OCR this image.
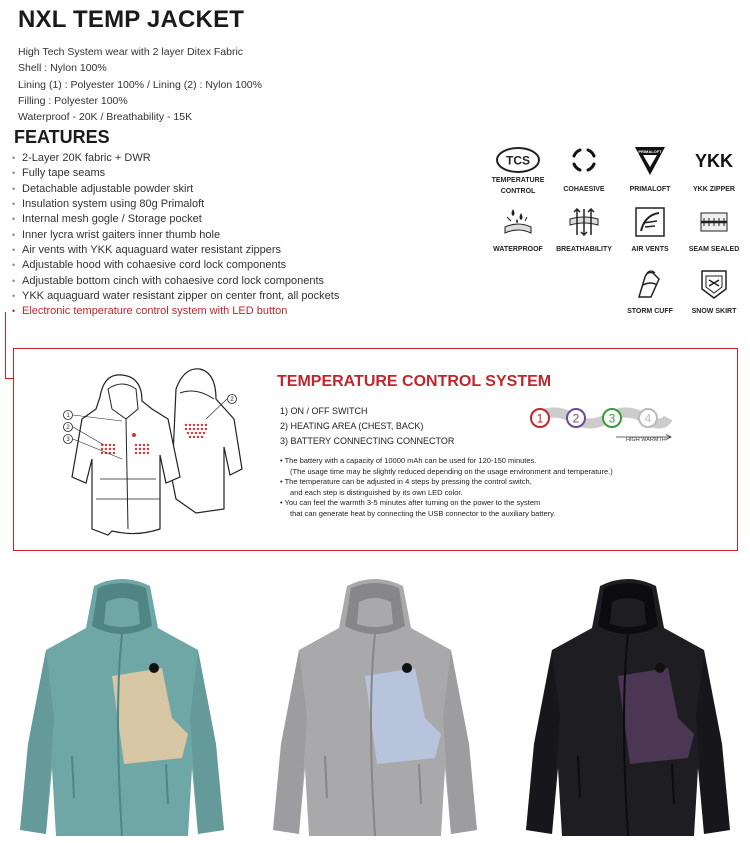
NXL TEMP JACKET
High Tech System wear with 2 layer Ditex Fabric
Shell : Nylon 100%
Lining (1) : Polyester 100% / Lining (2) : Nylon 100%
Filling : Polyester 100%
Waterproof - 20K / Breathability - 15K
FEATURES
• 2-Layer 20K fabric + DWR
• Fully tape seams
• Detachable adjustable powder skirt
• Insulation system using 80g Primaloft
• Internal mesh gogle / Storage pocket
• Inner lycra wrist gaiters inner thumb hole
• Air vents with YKK aquaguard water resistant zippers
• Adjustable hood with cohaesive cord lock components
• Adjustable bottom cinch with cohaesive cord lock components
• YKK aquaguard water resistant zipper on center front, all pockets
• Electronic temperature control system with LED button
TCS
TEMPERATURE
CONTROL	COHAESIVE
PRIMALOFT
PRIMALOFT
YKK
YKK ZIPPER
WATERPROOF	BREATHABILITY	AIR VENTS	SEAM SEALED
STORM CUFF	SNOW SKIRT
1
2
3
2
TEMPERATURE CONTROL SYSTEM
1) ON / OFF SWITCH
2) HEATING AREA (CHEST, BACK)
3) BATTERY CONNECTING CONNECTOR
1 2 3 4
HIGH WARMTH
• The battery with a capacity of 10000 mAh can be used for 120-150 minutes.
(The usage time may be slightly reduced depending on the usage environment and temperature.)
• The temperature can be adjusted in 4 steps by pressing the control switch,
and each step is distinguished by its own LED color.
• You can feel the warmth 3-5 minutes after turning on the power to the system
that can generate heat by connecting the USB connector to the auxiliary battery.
